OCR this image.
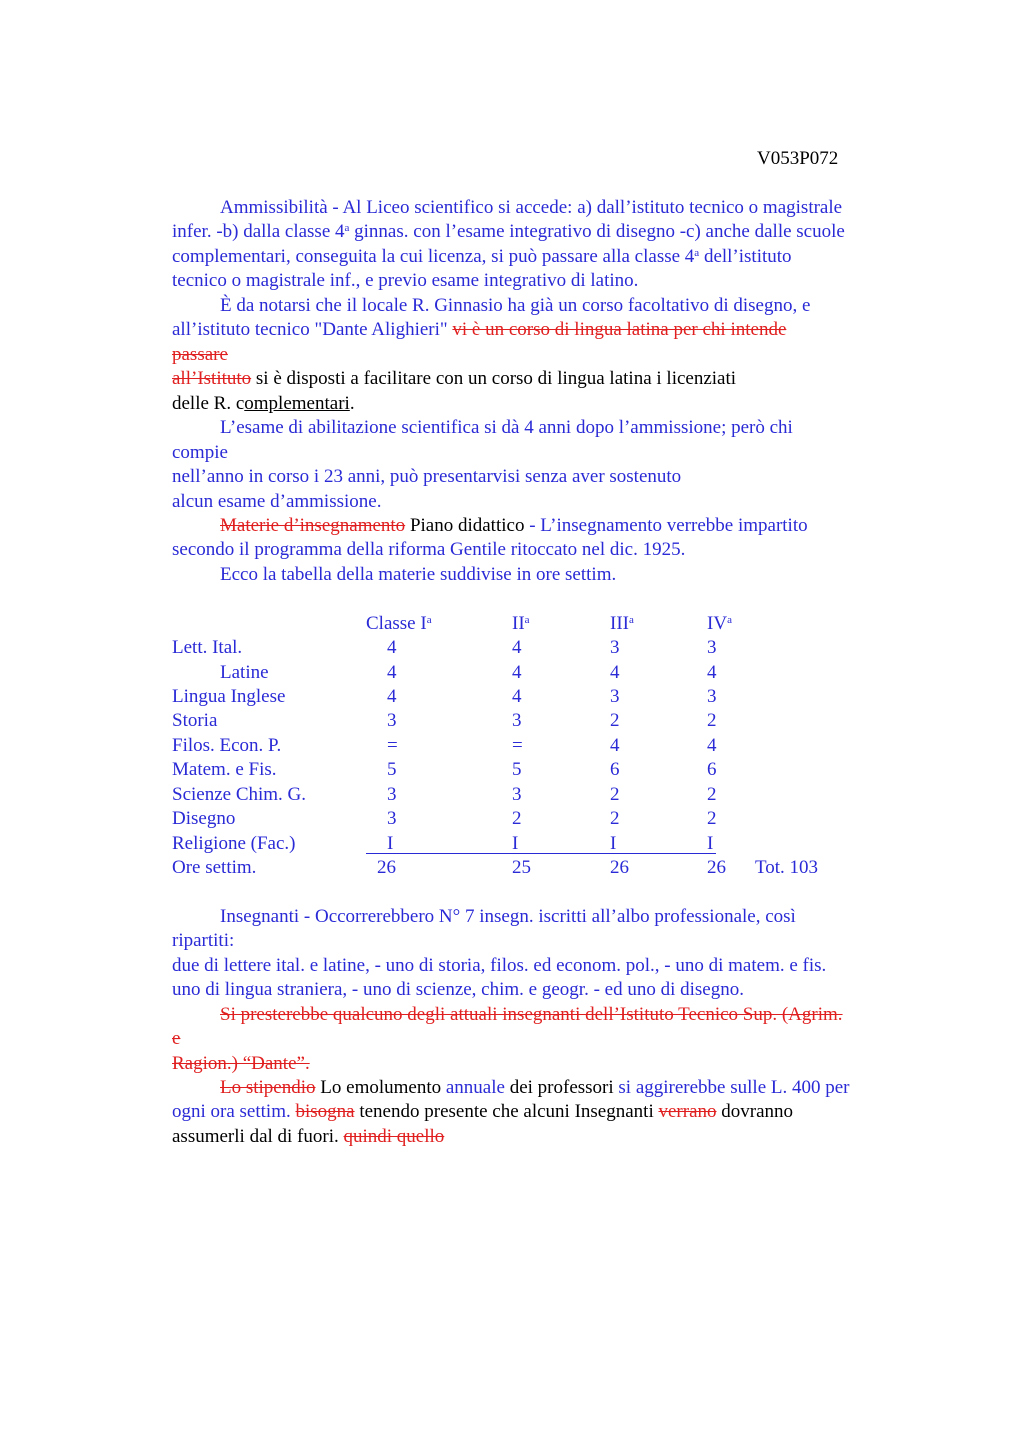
V053P072
Ammissibilità - Al Liceo scientifico si accede: a) dall’istituto tecnico o magistrale
infer. -b) dalla classe 4$^a$ ginnas. con l’esame integrativo di disegno -c) anche dalle scuole
complementari, conseguita la cui licenza, si può passare alla classe 4$^a$ dell’istituto
tecnico o magistrale inf., e previo esame integrativo di latino.
È da notarsi che il locale R. Ginnasio ha già un corso facoltativo di disegno, e
all’istituto tecnico "Dante Alighieri" vi è un corso di lingua latina per chi intende
passare
all’Istituto si è disposti a facilitare con un corso di lingua latina i licenziati
delle R. complementari.
L’esame di abilitazione scientifica si dà 4 anni dopo l’ammissione; però chi
compie
nell’anno in corso i 23 anni, può presentarvisi senza aver sostenuto
alcun esame d’ammissione.
Materie d’insegnamento Piano didattico - L’insegnamento verrebbe impartito
secondo il programma della riforma Gentile ritoccato nel dic. 1925.
Ecco la tabella della materie suddivise in ore settim.
Classe $I^a$	$II^a$	III$^a$	$IV^a$
Lett. Ital.	4	4	3	3
Latine	4	4	4	4
Lingua Inglese	4	4	3	3
Storia	3	3	2	2
Filos. Econ. P.	=	=	4	4
Matem. e Fis.	5	5	6	6
Scienze Chim. G.	3	3	2	2
Disegno	3	2	2	2
Religione (Fac.)	I	I	I	I
Ore settim.	26	25	26	26 Tot. 103
Insegnanti - Occorrerebbero N° 7 insegn. iscritti all’albo professionale, così
ripartiti:
due di lettere ital. e latine, - uno di storia, filos. ed econom. pol., - uno di matem. e fis.
uno di lingua straniera, - uno di scienze, chim. e geogr. - ed uno di disegno.
Si presterebbe qualcuno degli attuali insegnanti dell’Istituto Tecnico Sup. (Agrim.
e
Ragion.) “Dante”.
Lo stipendio Lo emolumento annuale dei professori si aggirerebbe sulle L. 400 per
ogni ora settim. bisogna tenendo presente che alcuni Insegnanti verrano dovranno
assumerli dal di fuori. quindi quello
